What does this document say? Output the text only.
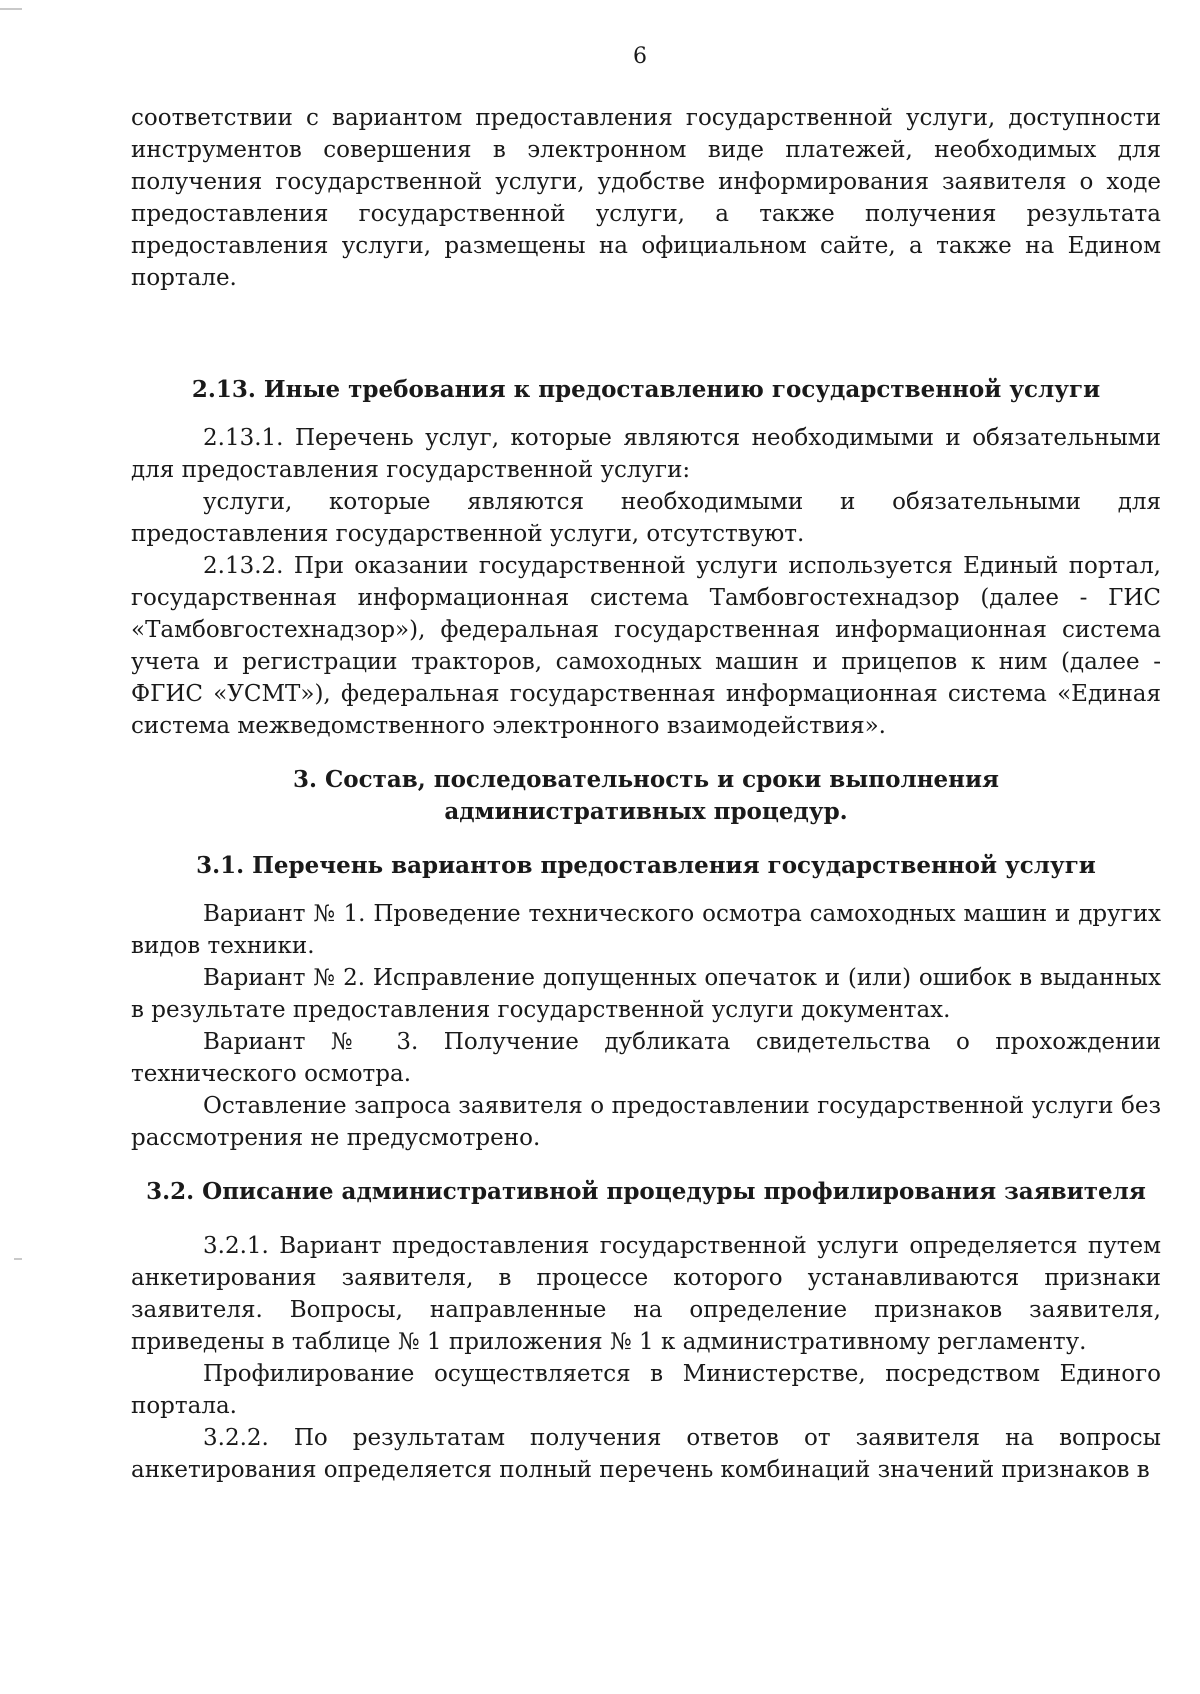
6

соответствии с вариантом предоставления государственной услуги, доступности инструментов совершения в электронном виде платежей, необходимых для получения государственной услуги, удобстве информирования заявителя о ходе предоставления государственной услуги, а также получения результата предоставления услуги, размещены на официальном сайте, а также на Едином портале.

2.13. Иные требования к предоставлению государственной услуги

2.13.1. Перечень услуг, которые являются необходимыми и обязательными для предоставления государственной услуги:

услуги, которые являются необходимыми и обязательными для предоставления государственной услуги, отсутствуют.

2.13.2. При оказании государственной услуги используется Единый портал, государственная информационная система Тамбовгостехнадзор (далее - ГИС «Тамбовгостехнадзор»), федеральная государственная информационная система учета и регистрации тракторов, самоходных машин и прицепов к ним (далее - ФГИС «УСМТ»), федеральная государственная информационная система «Единая система межведомственного электронного взаимодействия».

3. Состав, последовательность и сроки выполнения административных процедур.
3.1. Перечень вариантов предоставления государственной услуги

Вариант № 1. Проведение технического осмотра самоходных машин и других видов техники.

Вариант № 2. Исправление допущенных опечаток и (или) ошибок в выданных в результате предоставления государственной услуги документах.

Вариант № 3. Получение дубликата свидетельства о прохождении технического осмотра.

Оставление запроса заявителя о предоставлении государственной услуги без рассмотрения не предусмотрено.

3.2. Описание административной процедуры профилирования заявителя

3.2.1. Вариант предоставления государственной услуги определяется путем анкетирования заявителя, в процессе которого устанавливаются признаки заявителя. Вопросы, направленные на определение признаков заявителя, приведены в таблице № 1 приложения № 1 к административному регламенту.

Профилирование осуществляется в Министерстве, посредством Единого портала.

3.2.2. По результатам получения ответов от заявителя на вопросы анкетирования определяется полный перечень комбинаций значений признаков в
